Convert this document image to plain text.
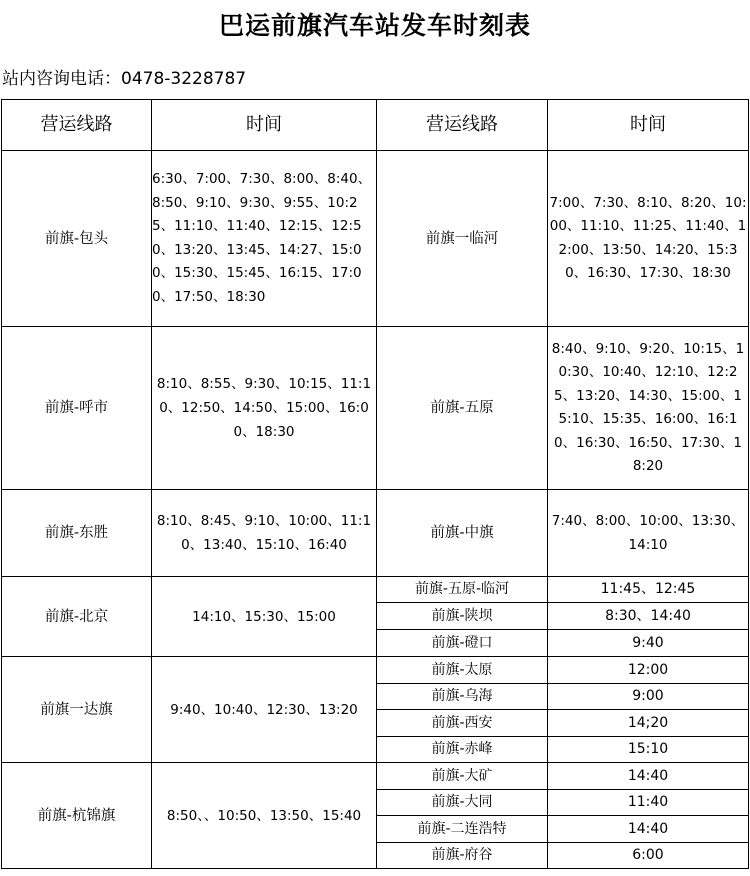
巴运前旗汽车站发车时刻表
站内咨询电话：0478-3228787
营运线路	时间	营运线路	时间
前旗-包头	6:30、7:00、7:30、8:00、8:40、8:50、9:10、9:30、9:55、10:25、11:10、11:40、12:15、12:50、13:20、13:45、14:27、15:00、15:30、15:45、16:15、17:00、17:50、18:30	前旗一临河	7:00、7:30、8:10、8:20、10:00、11:10、11:25、11:40、12:00、13:50、14:20、15:30、16:30、17:30、18:30

前旗-呼市	8:10、8:55、9:30、10:15、11:10、12:50、14:50、15:00、16:00、18:30	前旗-五原	8:40、9:10、9:20、10:15、10:30、10:40、12:10、12:25、13:20、14:30、15:00、15:10、15:35、16:00、16:10、16:30、16:50、17:30、18:20

前旗-东胜	8:10、8:45、9:10、10:00、11:10、13:40、15:10、16:40	前旗-中旗	7:40、8:00、10:00、13:30、14:10

前旗-北京	14:10、15:30、15:00	前旗-五原-临河	11:45、12:45
		前旗-陕坝	8:30、14:40
		前旗-磴口	9:40
前旗一达旗	9:40、10:40、12:30、13:20	前旗-太原	12:00
		前旗-乌海	9:00
		前旗-西安	14;20
		前旗-赤峰	15:10
前旗-杭锦旗	8:50、、10:50、13:50、15:40	前旗-大矿	14:40
		前旗-大同	11:40
		前旗-二连浩特	14:40
		前旗-府谷	6:00
